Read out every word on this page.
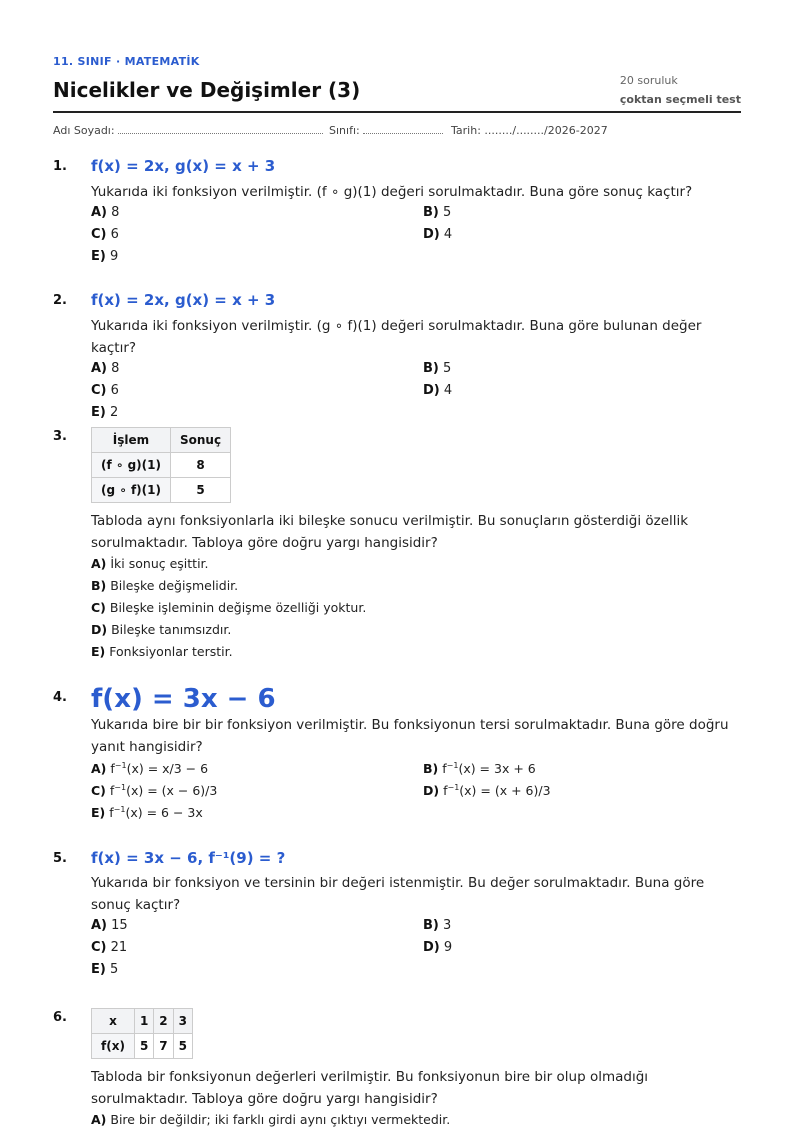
11. SINIF · MATEMATİK
Nicelikler ve Değişimler (3)	20 soruluk
çoktan seçmeli test
Adı Soyadı:	Sınıfı:	Tarih: ......../......../2026-2027
1. f(x) = 2x, g(x) = x + 3
Yukarıda iki fonksiyon verilmiştir. (f ∘ g)(1) değeri sorulmaktadır. Buna göre sonuç kaçtır?
A) 8	B) 5
C) 6	D) 4
E) 9
2. f(x) = 2x, g(x) = x + 3
Yukarıda iki fonksiyon verilmiştir. (g ∘ f)(1) değeri sorulmaktadır. Buna göre bulunan değer kaçtır?
A) 8	B) 5
C) 6	D) 4
E) 2
3.	İşlem	Sonuç
(f ∘ g)(1)	8
(g ∘ f)(1)	5
Tabloda aynı fonksiyonlarla iki bileşke sonucu verilmiştir. Bu sonuçların gösterdiği özellik sorulmaktadır. Tabloya göre doğru yargı hangisidir?
A) İki sonuç eşittir.
B) Bileşke değişmelidir.
C) Bileşke işleminin değişme özelliği yoktur.
D) Bileşke tanımsızdır.
E) Fonksiyonlar terstir.
4. f(x) = 3x − 6
Yukarıda bire bir bir fonksiyon verilmiştir. Bu fonksiyonun tersi sorulmaktadır. Buna göre doğru yanıt hangisidir?
A) $f^{-1}(x) = x/3 - 6$	B) $f^{-1}(x) = 3x + 6$
C) $f^{-1}(x) = (x - 6)/3$	D) $f^{-1}(x) = (x + 6)/3$
E) $f^{-1}(x) = 6 - 3x$
5. f(x) = 3x − 6, f⁻¹(9) = ?
Yukarıda bir fonksiyon ve tersinin bir değeri istenmiştir. Bu değer sorulmaktadır. Buna göre sonuç kaçtır?
A) 15	B) 3
C) 21	D) 9
E) 5
6.	x	1	2	3
f(x)	5	7	5
Tabloda bir fonksiyonun değerleri verilmiştir. Bu fonksiyonun bire bir olup olmadığı sorulmaktadır. Tabloya göre doğru yargı hangisidir?
A) Bire bir değildir; iki farklı girdi aynı çıktıyı vermektedir.
